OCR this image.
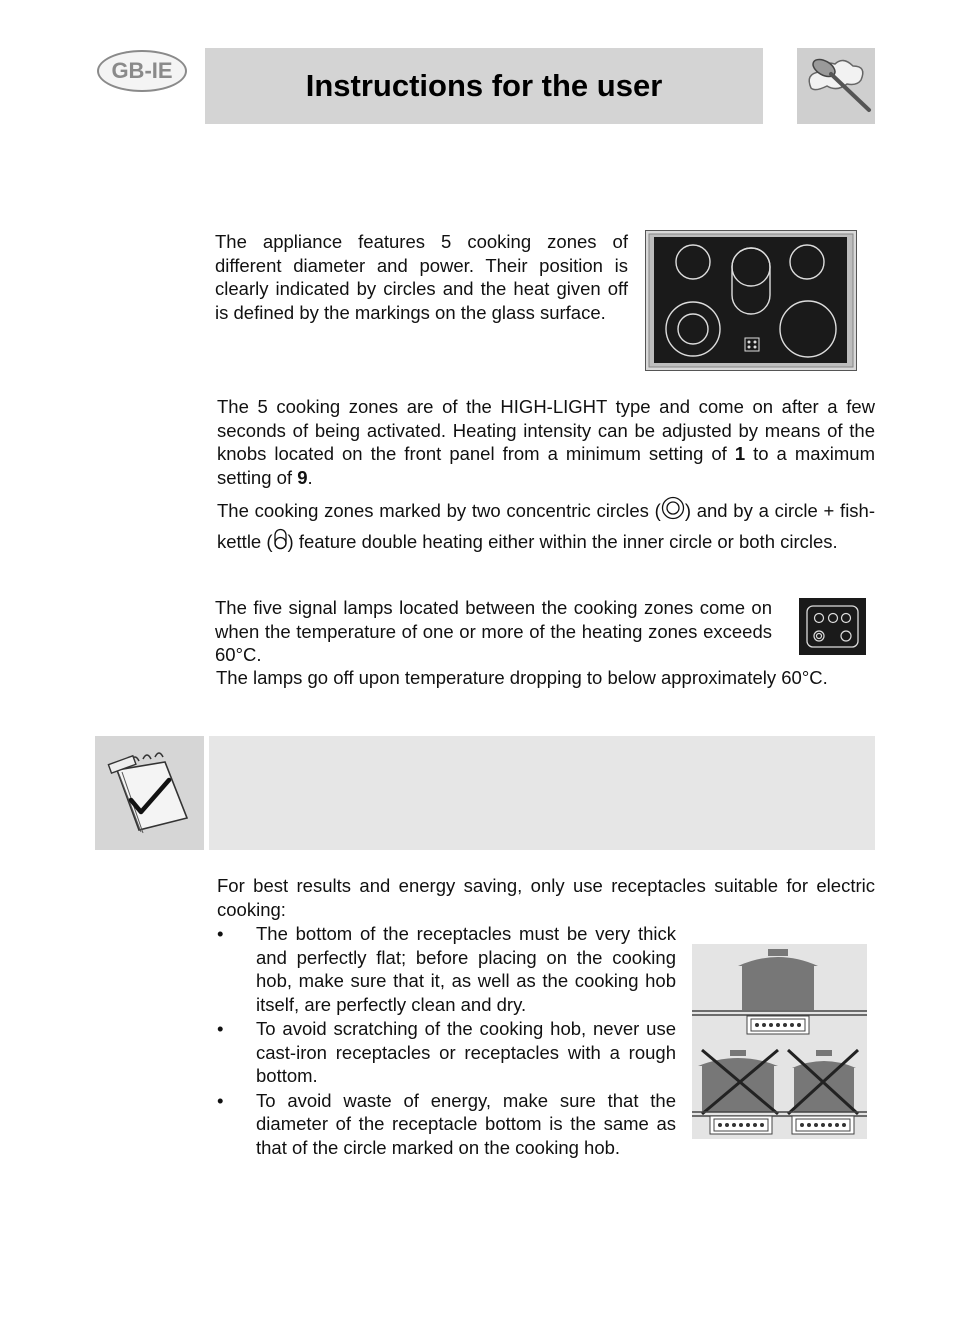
GB-IE	Instructions for the user

The appliance features 5 cooking zones of different diameter and power. Their position is clearly indicated by circles and the heat given off is defined by the markings on the glass surface.

The 5 cooking zones are of the HIGH-LIGHT type and come on after a few seconds of being activated. Heating intensity can be adjusted by means of the knobs located on the front panel from a minimum setting of 1 to a maximum setting of 9.

The cooking zones marked by two concentric circles ( ) and by a circle + fish-kettle ( ) feature double heating either within the inner circle or both circles.

The five signal lamps located between the cooking zones come on when the temperature of one or more of the heating zones exceeds 60°C.

The lamps go off upon temperature dropping to below approximately 60°C.

For best results and energy saving, only use receptacles suitable for electric cooking:

• The bottom of the receptacles must be very thick and perfectly flat; before placing on the cooking hob, make sure that it, as well as the cooking hob itself, are perfectly clean and dry.
• To avoid scratching of the cooking hob, never use cast-iron receptacles or receptacles with a rough bottom.
• To avoid waste of energy, make sure that the diameter of the receptacle bottom is the same as that of the circle marked on the cooking hob.
